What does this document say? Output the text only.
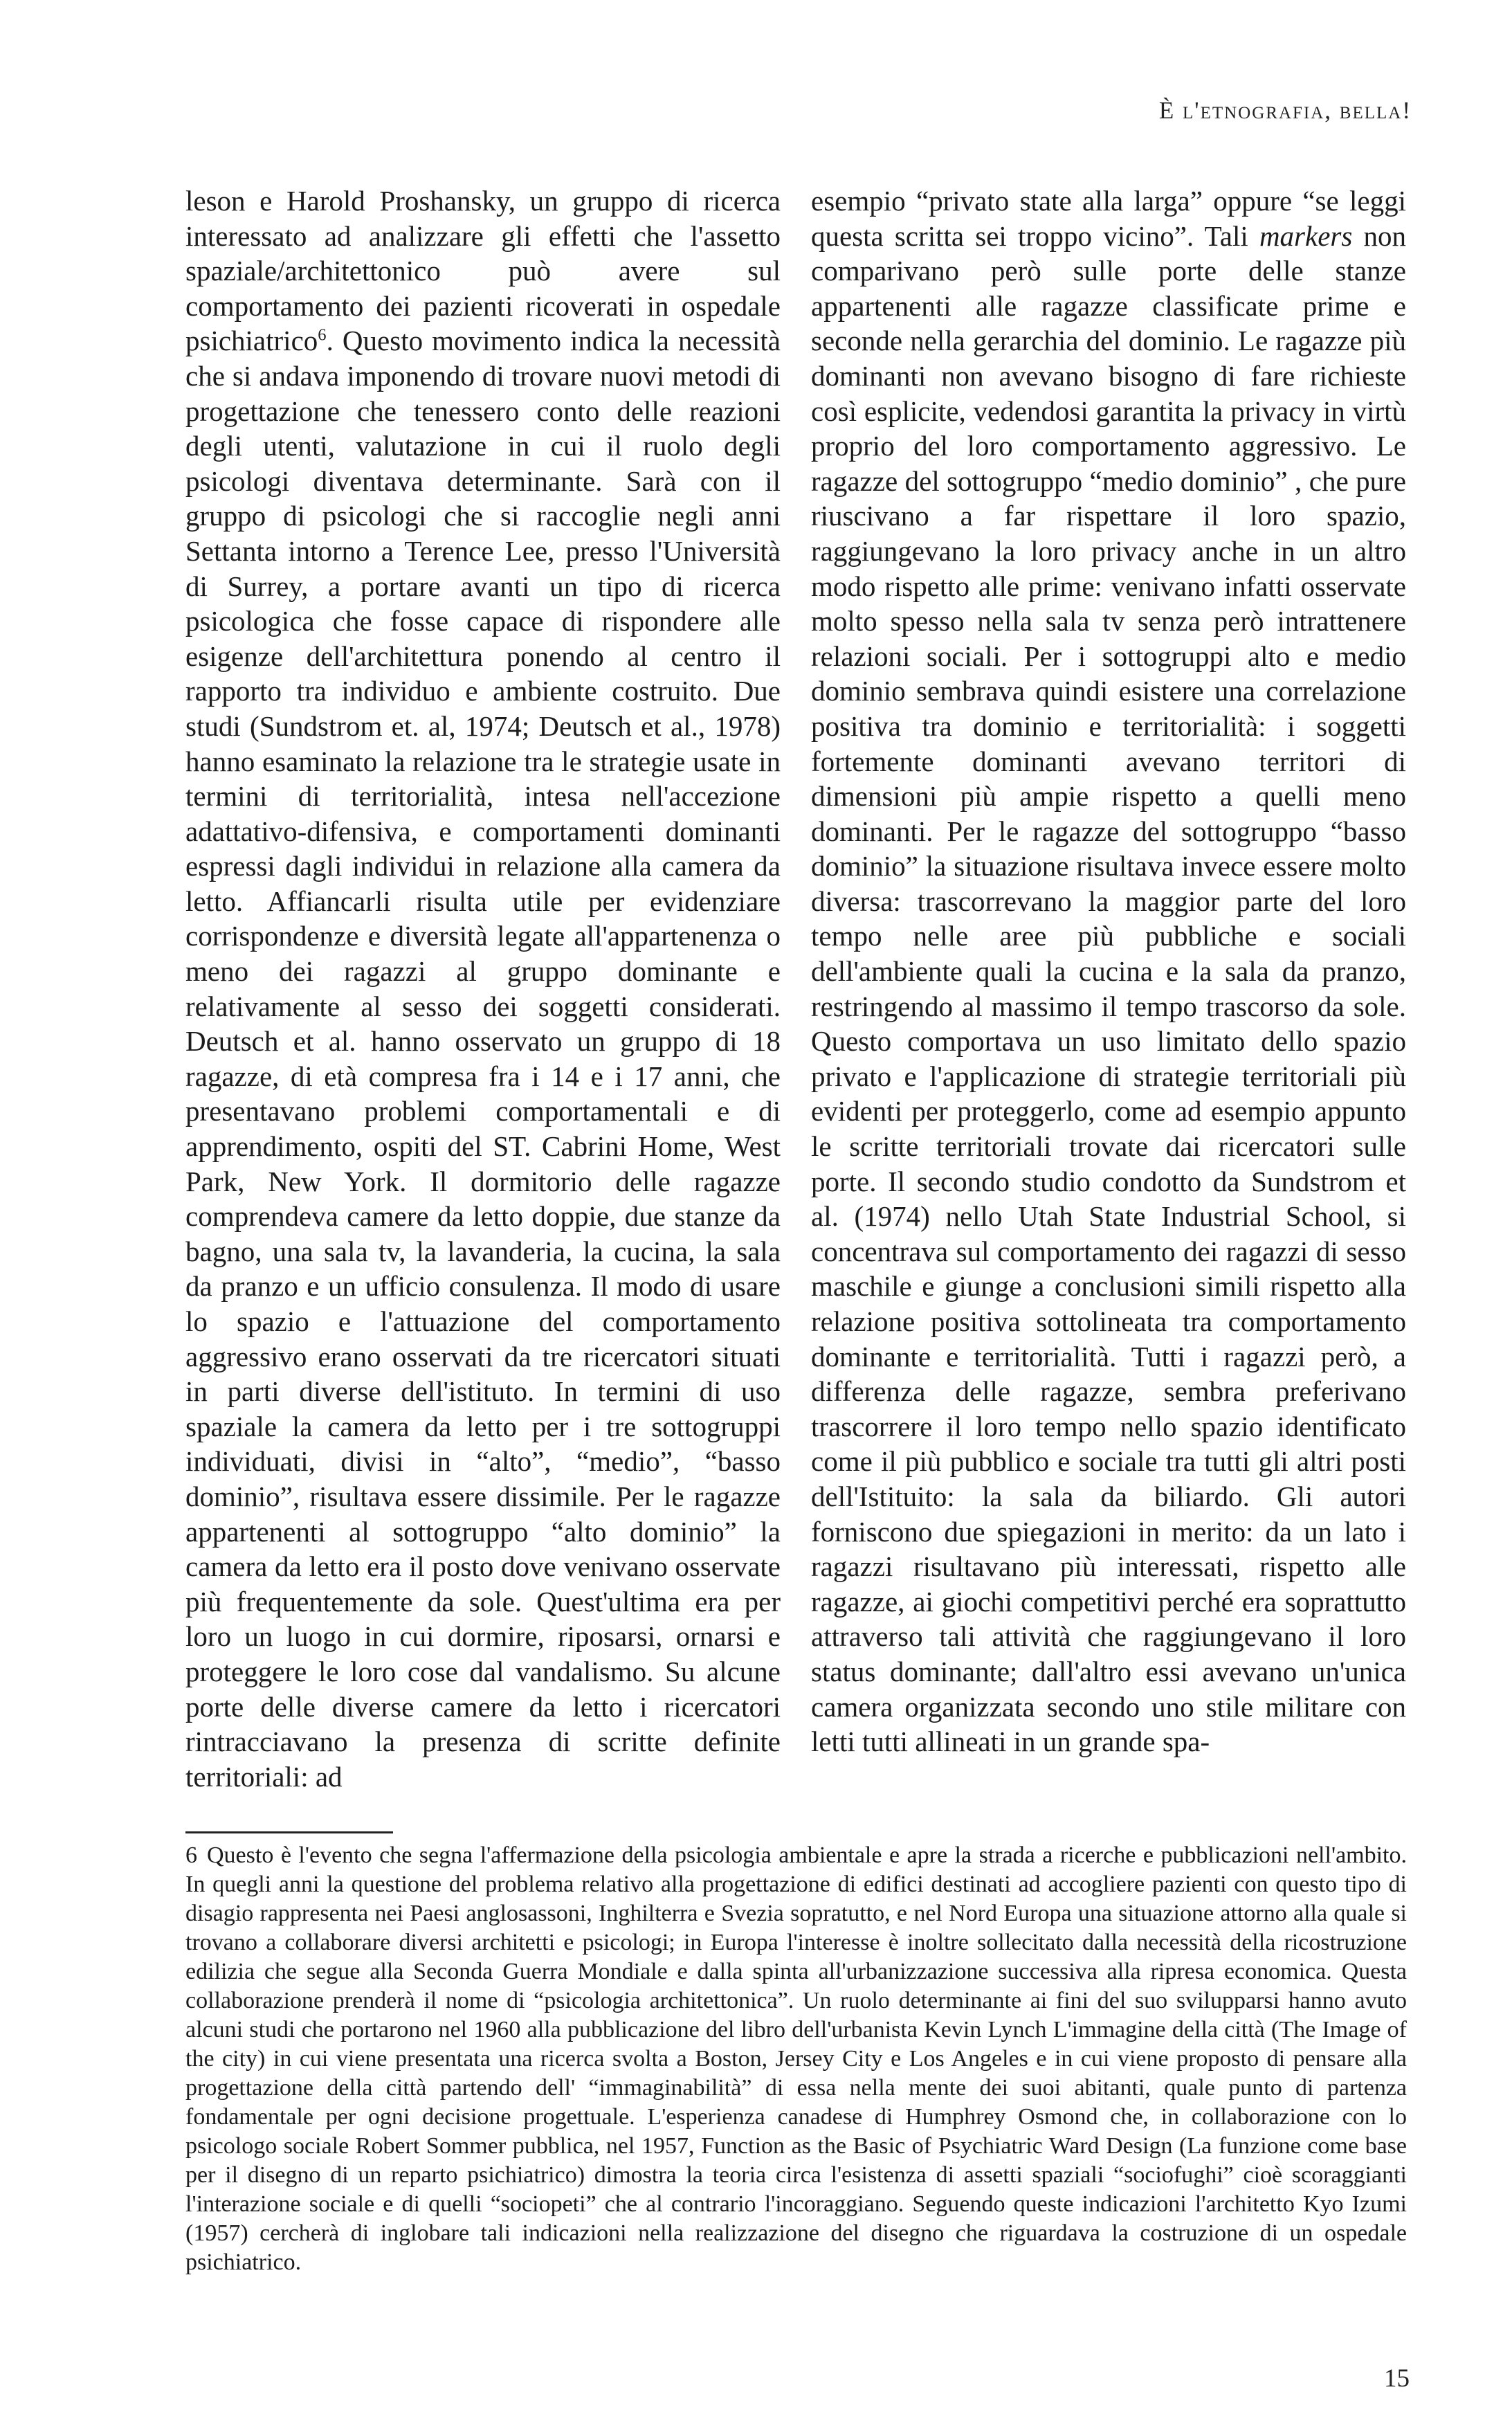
È l'etnografia, bella!

leson e Harold Proshansky, un gruppo di ricerca interessato ad analizzare gli effetti che l'assetto spaziale/architettonico può avere sul comportamento dei pazienti ricoverati in ospedale psichiatrico$^6$. Questo movimento indica la necessità che si andava imponendo di trovare nuovi metodi di progettazione che tenessero conto delle reazioni degli utenti, valutazione in cui il ruolo degli psicologi diventava determinante. Sarà con il gruppo di psicologi che si raccoglie negli anni Settanta intorno a Terence Lee, presso l'Università di Surrey, a portare avanti un tipo di ricerca psicologica che fosse capace di rispondere alle esigenze dell'architettura ponendo al centro il rapporto tra individuo e ambiente costruito. Due studi (Sundstrom et. al, 1974; Deutsch et al., 1978) hanno esaminato la relazione tra le strategie usate in termini di territorialità, intesa nell'accezione adattativo-difensiva, e comportamenti dominanti espressi dagli individui in relazione alla camera da letto. Affiancarli risulta utile per evidenziare corrispondenze e diversità legate all'appartenenza o meno dei ragazzi al gruppo dominante e relativamente al sesso dei soggetti considerati. Deutsch et al. hanno osservato un gruppo di 18 ragazze, di età compresa fra i 14 e i 17 anni, che presentavano problemi comportamentali e di apprendimento, ospiti del ST. Cabrini Home, West Park, New York. Il dormitorio delle ragazze comprendeva camere da letto doppie, due stanze da bagno, una sala tv, la lavanderia, la cucina, la sala da pranzo e un ufficio consulenza. Il modo di usare lo spazio e l'attuazione del comportamento aggressivo erano osservati da tre ricercatori situati in parti diverse dell'istituto. In termini di uso spaziale la camera da letto per i tre sottogruppi individuati, divisi in “alto”, “medio”, “basso dominio”, risultava essere dissimile. Per le ragazze appartenenti al sottogruppo “alto dominio” la camera da letto era il posto dove venivano osservate più frequentemente da sole. Quest'ultima era per loro un luogo in cui dormire, riposarsi, ornarsi e proteggere le loro cose dal vandalismo. Su alcune porte delle diverse camere da letto i ricercatori rintracciavano la presenza di scritte definite territoriali: ad

esempio “privato state alla larga” oppure “se leggi questa scritta sei troppo vicino”. Tali markers non comparivano però sulle porte delle stanze appartenenti alle ragazze classificate prime e seconde nella gerarchia del dominio. Le ragazze più dominanti non avevano bisogno di fare richieste così esplicite, vedendosi garantita la privacy in virtù proprio del loro comportamento aggressivo. Le ragazze del sottogruppo “medio dominio” , che pure riuscivano a far rispettare il loro spazio, raggiungevano la loro privacy anche in un altro modo rispetto alle prime: venivano infatti osservate molto spesso nella sala tv senza però intrattenere relazioni sociali. Per i sottogruppi alto e medio dominio sembrava quindi esistere una correlazione positiva tra dominio e territorialità: i soggetti fortemente dominanti avevano territori di dimensioni più ampie rispetto a quelli meno dominanti. Per le ragazze del sottogruppo “basso dominio” la situazione risultava invece essere molto diversa: trascorrevano la maggior parte del loro tempo nelle aree più pubbliche e sociali dell'ambiente quali la cucina e la sala da pranzo, restringendo al massimo il tempo trascorso da sole. Questo comportava un uso limitato dello spazio privato e l'applicazione di strategie territoriali più evidenti per proteggerlo, come ad esempio appunto le scritte territoriali trovate dai ricercatori sulle porte. Il secondo studio condotto da Sundstrom et al. (1974) nello Utah State Industrial School, si concentrava sul comportamento dei ragazzi di sesso maschile e giunge a conclusioni simili rispetto alla relazione positiva sottolineata tra comportamento dominante e territorialità. Tutti i ragazzi però, a differenza delle ragazze, sembra preferivano trascorrere il loro tempo nello spazio identificato come il più pubblico e sociale tra tutti gli altri posti dell'Istituito: la sala da biliardo. Gli autori forniscono due spiegazioni in merito: da un lato i ragazzi risultavano più interessati, rispetto alle ragazze, ai giochi competitivi perché era soprattutto attraverso tali attività che raggiungevano il loro status dominante; dall'altro essi avevano un'unica camera organizzata secondo uno stile militare con letti tutti allineati in un grande spa-

6 Questo è l'evento che segna l'affermazione della psicologia ambientale e apre la strada a ricerche e pubblicazioni nell'ambito. In quegli anni la questione del problema relativo alla progettazione di edifici destinati ad accogliere pazienti con questo tipo di disagio rappresenta nei Paesi anglosassoni, Inghilterra e Svezia sopratutto, e nel Nord Europa una situazione attorno alla quale si trovano a collaborare diversi architetti e psicologi; in Europa l'interesse è inoltre sollecitato dalla necessità della ricostruzione edilizia che segue alla Seconda Guerra Mondiale e dalla spinta all'urbanizzazione successiva alla ripresa economica. Questa collaborazione prenderà il nome di “psicologia architettonica”. Un ruolo determinante ai fini del suo svilupparsi hanno avuto alcuni studi che portarono nel 1960 alla pubblicazione del libro dell'urbanista Kevin Lynch L'immagine della città (The Image of the city) in cui viene presentata una ricerca svolta a Boston, Jersey City e Los Angeles e in cui viene proposto di pensare alla progettazione della città partendo dell' “immaginabilità” di essa nella mente dei suoi abitanti, quale punto di partenza fondamentale per ogni decisione progettuale. L'esperienza canadese di Humphrey Osmond che, in collaborazione con lo psicologo sociale Robert Sommer pubblica, nel 1957, Function as the Basic of Psychiatric Ward Design (La funzione come base per il disegno di un reparto psichiatrico) dimostra la teoria circa l'esistenza di assetti spaziali “sociofughi” cioè scoraggianti l'interazione sociale e di quelli “sociopeti” che al contrario l'incoraggiano. Seguendo queste indicazioni l'architetto Kyo Izumi (1957) cercherà di inglobare tali indicazioni nella realizzazione del disegno che riguardava la costruzione di un ospedale psichiatrico.

15
